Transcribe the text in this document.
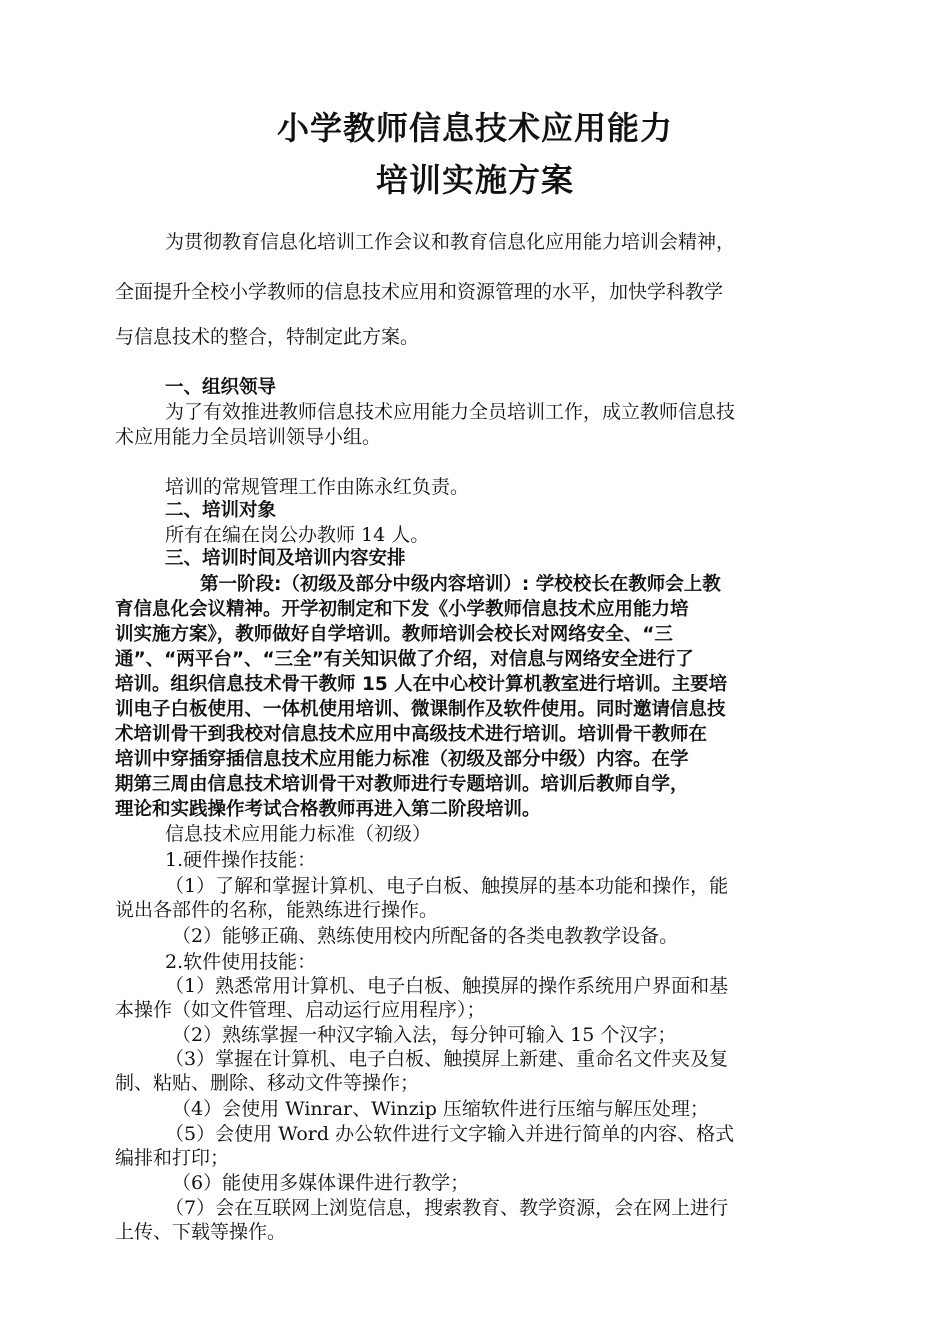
小学教师信息技术应用能力
培训实施方案
为贯彻教育信息化培训工作会议和教育信息化应用能力培训会精神，
全面提升全校小学教师的信息技术应用和资源管理的水平，加快学科教学
与信息技术的整合，特制定此方案。
一、组织领导
为了有效推进教师信息技术应用能力全员培训工作，成立教师信息技
术应用能力全员培训领导小组。
培训的常规管理工作由陈永红负责。
二、培训对象
所有在编在岗公办教师 14 人。
三、培训时间及培训内容安排
第一阶段:（初级及部分中级内容培训）: 学校校长在教师会上教
育信息化会议精神。开学初制定和下发《小学教师信息技术应用能力培
训实施方案》，教师做好自学培训。教师培训会校长对网络安全、“三
通”、“两平台”、“三全”有关知识做了介绍，对信息与网络安全进行了
培训。组织信息技术骨干教师 15 人在中心校计算机教室进行培训。主要培
训电子白板使用、一体机使用培训、微课制作及软件使用。同时邀请信息技
术培训骨干到我校对信息技术应用中高级技术进行培训。培训骨干教师在
培训中穿插穿插信息技术应用能力标准（初级及部分中级）内容。在学
期第三周由信息技术培训骨干对教师进行专题培训。培训后教师自学，
理论和实践操作考试合格教师再进入第二阶段培训。
信息技术应用能力标准（初级）
1.硬件操作技能：
（1）了解和掌握计算机、电子白板、触摸屏的基本功能和操作，能
说出各部件的名称，能熟练进行操作。
（2）能够正确、熟练使用校内所配备的各类电教教学设备。
2.软件使用技能：
（1）熟悉常用计算机、电子白板、触摸屏的操作系统用户界面和基
本操作（如文件管理、启动运行应用程序）；
（2）熟练掌握一种汉字输入法，每分钟可输入 15 个汉字；
（3）掌握在计算机、电子白板、触摸屏上新建、重命名文件夹及复
制、粘贴、删除、移动文件等操作；
（4）会使用 Winrar、Winzip 压缩软件进行压缩与解压处理；
（5）会使用 Word 办公软件进行文字输入并进行简单的内容、格式
编排和打印；
（6）能使用多媒体课件进行教学；
（7）会在互联网上浏览信息，搜索教育、教学资源，会在网上进行
上传、下载等操作。
